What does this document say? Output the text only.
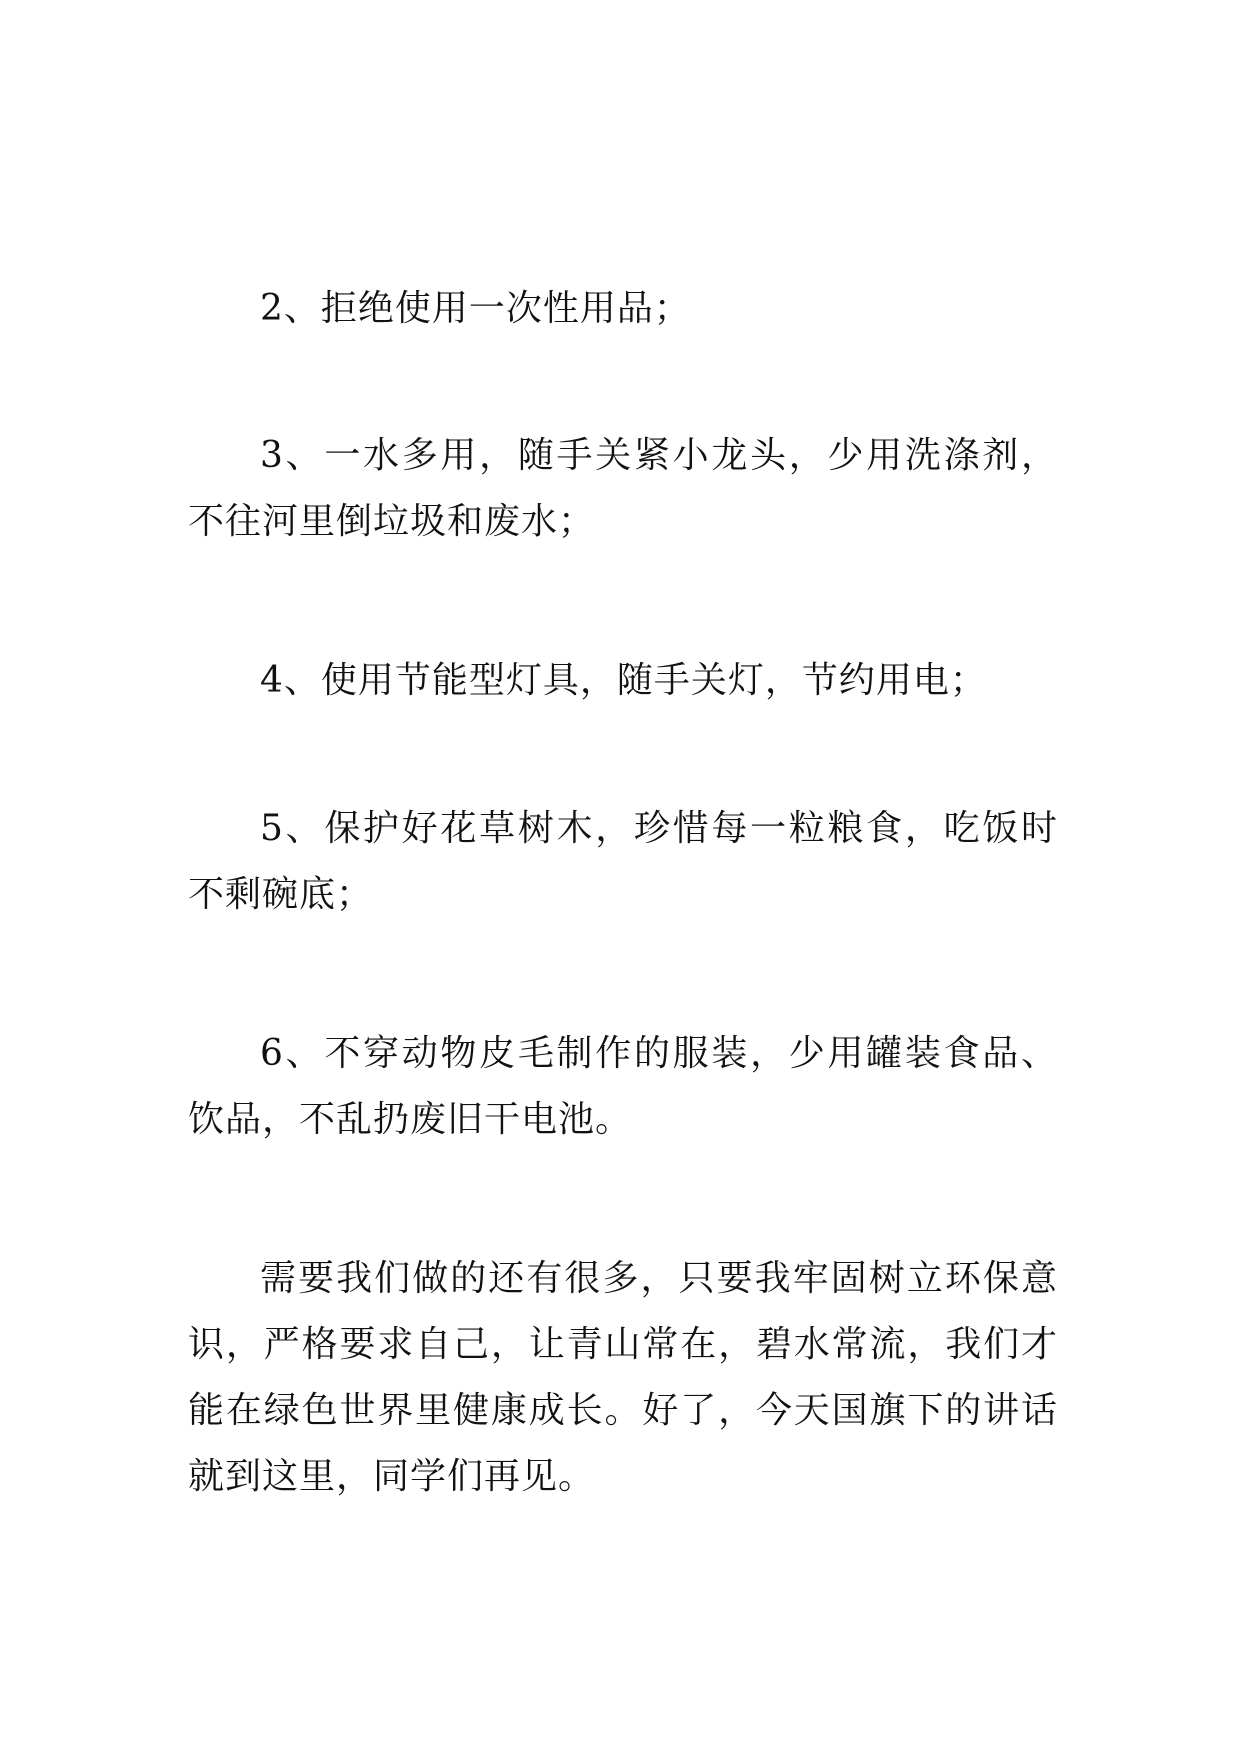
2、拒绝使用一次性用品；

3、一水多用，随手关紧小龙头，少用洗涤剂，不往河里倒垃圾和废水；

4、使用节能型灯具，随手关灯，节约用电；

5、保护好花草树木，珍惜每一粒粮食，吃饭时不剩碗底；

6、不穿动物皮毛制作的服装，少用罐装食品、饮品，不乱扔废旧干电池。

需要我们做的还有很多，只要我牢固树立环保意识，严格要求自己，让青山常在，碧水常流，我们才能在绿色世界里健康成长。好了，今天国旗下的讲话就到这里，同学们再见。
